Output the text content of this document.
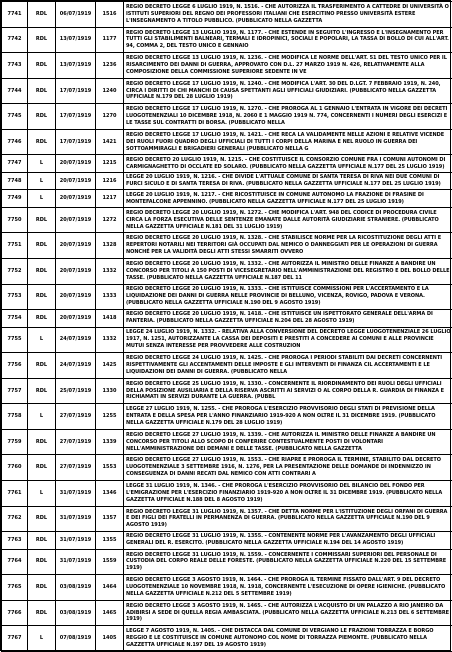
7741	RDL	06/07/1919	1516	REGIO DECRETO LEGGE 6 LUGLIO 1919, N. 1516. - CHE AUTORIZZA IL TRASFERIMENTO A CATTEDRE DI UNIVERSITÀ O ISTITUTI SUPERIORI DEL REGNO DEI PROFESSORI ITALIANI CHE ESERCITINO PRESSO UNIVERSITÀ ESTERE L'INSEGNAMENTO A TITOLO PUBBLICO. (PUBBLICATO NELLA GAZZETTA
7742	RDL	13/07/1919	1177	REGIO DECRETO LEGGE 13 LUGLIO 1919, N. 1177. - CHE ESTENDE IN SEGUITO L'INGRESSO E L'INSEGNAMENTO PER TUTTI GLI STABILIMENTI BALNEARI, TERMALI E IDROPINICI, SOCIALI E POPOLARI, LA TASSA DI BOLLO DI CUI ALL'ART. 94, COMMA 2, DEL TESTO UNICO E GENNAIO
7743	RDL	13/07/1919	1236	REGIO DECRETO LEGGE 13 LUGLIO 1919, N. 1236. - CHE MODIFICA LE NORME DELL'ART. 51 DEL TESTO UNICO PER IL RISARCIMENTO DEI DANNI DI GUERRA, APPROVATO CON D.L. 27 MARZO 1919 N. 426, RELATIVAMENTE ALLA COMPOSIZIONE DELLA COMMISSIONE SUPERIORE SEDENTE IN VE
7744	RDL	17/07/1919	1240	REGIO DECRETO LEGGE 17 LUGLIO 1919, N. 1240. - CHE MODIFICA L'ART. 30 DEL D.LGT. 7 FEBBRAIO 1919, N. 240, CIRCA I DIRITTI DI CHI MANCHI DI CAUSA SPETTANTI AGLI UFFICIALI GIUDIZIARI. (PUBBLICATO NELLA GAZZETTA UFFICIALE N.179 DEL 28 LUGLIO 1919)
7745	RDL	17/07/1919	1270	REGIO DECRETO LEGGE 17 LUGLIO 1919, N. 1270. - CHE PROROGA AL 1 GENNAIO L'ENTRATA IN VIGORE DEI DECRETI LUOGOTENENZIALI 10 DICEMBRE 1918, N. 2060 E 1 MAGGIO 1919 N. 774, CONCERNENTI I NUMERI DEGLI ESERCIZI E LE TASSE SUL CONTRATTI DI BORSA. (PUBBLICATO NELLA
7746	RDL	17/07/1919	1421	REGIO DECRETO LEGGE 17 LUGLIO 1919, N. 1421. - CHE RECA LA VALIDAMENTE NELLE AZIONI E RELATIVE VICENDE DEI RUOLI FUORI QUADRO DEGLI UFFICIALI DI TUTTI I CORPI DELLA MARINA E NEL RUOLO IN GUERRA DEI SOTTOAMMIRAGLI E BRIGADIERI GENERALI (PUBBLICATO NELLA G
7747	L	20/07/1919	1215	REGIO DECRETO 20 LUGLIO 1919, N. 1215. - CHE COSTITUISCE IL CONSORZIO COMUNE FRA I COMUNI AUTONOMI DI CARMIGNAGHETTO DI OCCLATE ED SOLARO. (PUBBLICATO NELLA GAZZETTA UFFICIALE N.177 DEL 25 LUGLIO 1919)
7748	L	20/07/1919	1216	LEGGE 20 LUGLIO 1919, N. 1216. - CHE DIVIDE L'ATTUALE COMUNE DI SANTA TERESA DI RIVA NEI DUE COMUNI DI FURCI SICULO E DI SANTA TERESA DI RIVA. (PUBBLICATO NELLA GAZZETTA UFFICIALE N.177 DEL 25 LUGLIO 1919)
7749	L	20/07/1919	1217	LEGGE 20 LUGLIO 1919, N. 1217. - CHE RICOSTITUISCE IN COMUNE AUTONOMO LA FRAZIONE DI FRASINE DI MONTEFALCONE APPENNINO. (PUBBLICATO NELLA GAZZETTA UFFICIALE N.177 DEL 25 LUGLIO 1919)
7750	RDL	20/07/1919	1272	REGIO DECRETO LEGGE 20 LUGLIO 1919, N. 1272. - CHE MODIFICA L'ART. 948 DEL CODICE DI PROCEDURA CIVILE CIRCA LA FORZA ESECUTIVA DELLE SENTENZE EMANATE DALLE AUTORITÀ GIUDIZIARIE STRANIERE. (PUBBLICATO NELLA GAZZETTA UFFICIALE N.181 DEL 31 LUGLIO 1919)
7751	RDL	20/07/1919	1328	REGIO DECRETO LEGGE 20 LUGLIO 1919, N. 1328. - CHE STABILISCE NORME PER LA RICOSTITUZIONE DEGLI ATTI E REPERTORI NOTARILI NEI TERRITORI GIÀ OCCUPATI DAL NEMICO O DANNEGGIATI PER LE OPERAZIONI DI GUERRA NONCHÉ PER LA VALIDITÀ DEGLI ATTI STESSI SMARRITI OVVERO
7752	RDL	20/07/1919	1332	REGIO DECRETO LEGGE 20 LUGLIO 1919, N. 1332. - CHE AUTORIZZA IL MINISTRO DELLE FINANZE A BANDIRE UN CONCORSO PER TITOLI A 150 POSTI DI VICESEGRETARIO NELL'AMMINISTRAZIONE DEL REGISTRO E DEL BOLLO DELLE TASSE. (PUBBLICATO NELLA GAZZETTA UFFICIALE N.187 DEL 11
7753	RDL	20/07/1919	1333	REGIO DECRETO LEGGE 20 LUGLIO 1919, N. 1333. - CHE ISTITUISCE COMMISSIONI PER L'ACCERTAMENTO E LA LIQUIDAZIONE DEI DANNI DI GUERRA NELLE PROVINCIE DI BELLUNO, VICENZA, ROVIGO, PADOVA E VERONA. (PUBBLICATO NELLA GAZZETTA UFFICIALE N.190 DEL 9 AGOSTO 1919)
7754	RDL	20/07/1919	1418	REGIO DECRETO LEGGE 20 LUGLIO 1919, N. 1418. - CHE ISTITUISCE UN ISPETTORATO GENERALE DELL'ARMA DI FANTERIA. (PUBBLICATO NELLA GAZZETTA UFFICIALE N.204 DEL 28 AGOSTO 1919)
7755	L	24/07/1919	1332	LEGGE 24 LUGLIO 1919, N. 1332. - RELATIVA ALLA CONVERSIONE DEL DECRETO LEGGE LUOGOTENENZIALE 26 LUGLIO 1917, N. 1251, AUTORIZZANTE LA CASSA DEI DEPOSITI E PRESTITI A CONCEDERE AI COMUNI E ALLE PROVINCIE MUTUI SENZA INTERESSE PER PROVVEDERE ALLE COSTRUZION
7756	RDL	24/07/1919	1425	REGIO DECRETO LEGGE 24 LUGLIO 1919, N. 1425. - CHE PROROGA I PERIODI STABILITI DAI DECRETI CONCERNENTI RISPETTIVAMENTE GLI ACCENTAMENTI DELLE IMPOSTE E GLI INTERVENTI DI FINANZA CIL ACCERTAMENTI E LE LIQUIDAZIONI DEI DANNI DI GUERRA. (PUBBLICATO NELLA
7757	RDL	25/07/1919	1330	REGIO DECRETO LEGGE 25 LUGLIO 1919, N. 1330. - CONCERNENTE IL RIORDINAMENTO DEI RUOLI DEGLI UFFICIALI DELLA POSIZIONE AUSILIARIA E DELLA RISERVA ASCRITTI AI SERVIZI O AL CORPO DELLA R. GUARDIA DI FINANZA E RICHIAMATI IN SERVIZI DURANTE LA GUERRA. (PUBBL
7758	L	27/07/1919	1255	LEGGE 27 LUGLIO 1919, N. 1255. - CHE PROROGA L'ESERCIZIO PROVVISORIO DEGLI STATI DI PREVISIONE DELLA ENTRATA E DELLA SPESA PER L'ANNO FINANZIARIO 1919-920 A NON OLTRE IL 31 DICEMBRE 1919. (PUBBLICATO NELLA GAZZETTA UFFICIALE N.179 DEL 28 LUGLIO 1919)
7759	RDL	27/07/1919	1339	REGIO DECRETO LEGGE 27 LUGLIO 1919, N. 1339. - CHE AUTORIZZA IL MINISTRO DELLE FINANZE A BANDIRE UN CONCORSO PER TITOLI ALLO SCOPO DI CONFERIRE CONTESTUALMENTE POSTI DI VOLONTARI NELL'AMMINISTRAZIONE DEI DEMANI E DELLE TASSE. (PUBBLICATO NELLA GAZZETTA
7760	RDL	27/07/1919	1553	REGIO DECRETO LEGGE 27 LUGLIO 1919, N. 1553. - CHE RIAPRE E PROROGA IL TERMINE, STABILITO DAL DECRETO LUOGOTENENZIALE 3 SETTEMBRE 1916, N. 1276, PER LA PRESENTAZIONE DELLE DOMANDE DI INDENNIZZO IN CONSEGUENZA DI DANNI RECATI DAL NEMICO CON ATTI CONTRARI A
7761	L	31/07/1919	1346	LEGGE 31 LUGLIO 1919, N. 1346. - CHE PROROGA L'ESERCIZIO PROVVISORIO DEL BILANCIO DEL FONDO PER L'EMIGRAZIONE PER L'ESERCIZIO FINANZIARIO 1919-920 A NON OLTRE IL 31 DICEMBRE 1919. (PUBBLICATO NELLA GAZZETTA UFFICIALE N.188 DEL 8 AGOSTO 1919)
7762	RDL	31/07/1919	1357	REGIO DECRETO LEGGE 31 LUGLIO 1919, N. 1357. - CHE DETTA NORME PER L'ISTITUZIONE DEGLI ORFANI DI GUERRA E DEI FIGLI DEI FRATELLI IN PERMANENZA DI GUERRA. (PUBBLICATO NELLA GAZZETTA UFFICIALE N.190 DEL 9 AGOSTO 1919)
7763	RDL	31/07/1919	1355	REGIO DECRETO LEGGE 31 LUGLIO 1919, N. 1355. - CONTENENTE NORME PER L'AVANZAMENTO DEGLI UFFICIALI GENERALI DEL R. ESERCITO. (PUBBLICATO NELLA GAZZETTA UFFICIALE N.194 DEL 14 AGOSTO 1919)
7764	RDL	31/07/1919	1559	REGIO DECRETO LEGGE 31 LUGLIO 1919, N. 1559. - CONCERNENTE I COMMISSARI SUPERIORI DEL PERSONALE DI CUSTODIA DEL CORPO REALE DELLE FORESTE. (PUBBLICATO NELLA GAZZETTA UFFICIALE N.220 DEL 15 SETTEMBRE 1919)
7765	RDL	03/08/1919	1464	REGIO DECRETO LEGGE 3 AGOSTO 1919, N. 1464. - CHE PROROGA IL TERMINE FISSATO DALL'ART. 9 DEL DECRETO LUOGOTENENZIALE 10 NOVEMBRE 1918, N. 1918, CONCERNENTE L'ESECUZIONE DI OPERE IGIENICHE. (PUBBLICATO NELLA GAZZETTA UFFICIALE N.212 DEL 5 SETTEMBRE 1919)
7766	RDL	03/08/1919	1465	REGIO DECRETO LEGGE 3 AGOSTO 1919, N. 1465. - CHE AUTORIZZA L'ACQUISTO DI UN PALAZZO A RIO JANEIRO DA ADIBIRSI A SEDE DI QUELLA REGIA AMBASCIATA. (PUBBLICATO NELLA GAZZETTA UFFICIALE N.213 DEL 6 SETTEMBRE 1919)
7767	L	07/08/1919	1405	LEGGE 7 AGOSTO 1919, N. 1405. - CHE DISTACCA DAL COMUNE DI VERGIANO LE FRAZIONI TORRAZZA E BORGO REGGIO E LE COSTITUISCE IN COMUNE AUTONOMO COL NOME DI TORRAZZA PIEMONTE. (PUBBLICATO NELLA GAZZETTA UFFICIALE N.197 DEL 19 AGOSTO 1919)
